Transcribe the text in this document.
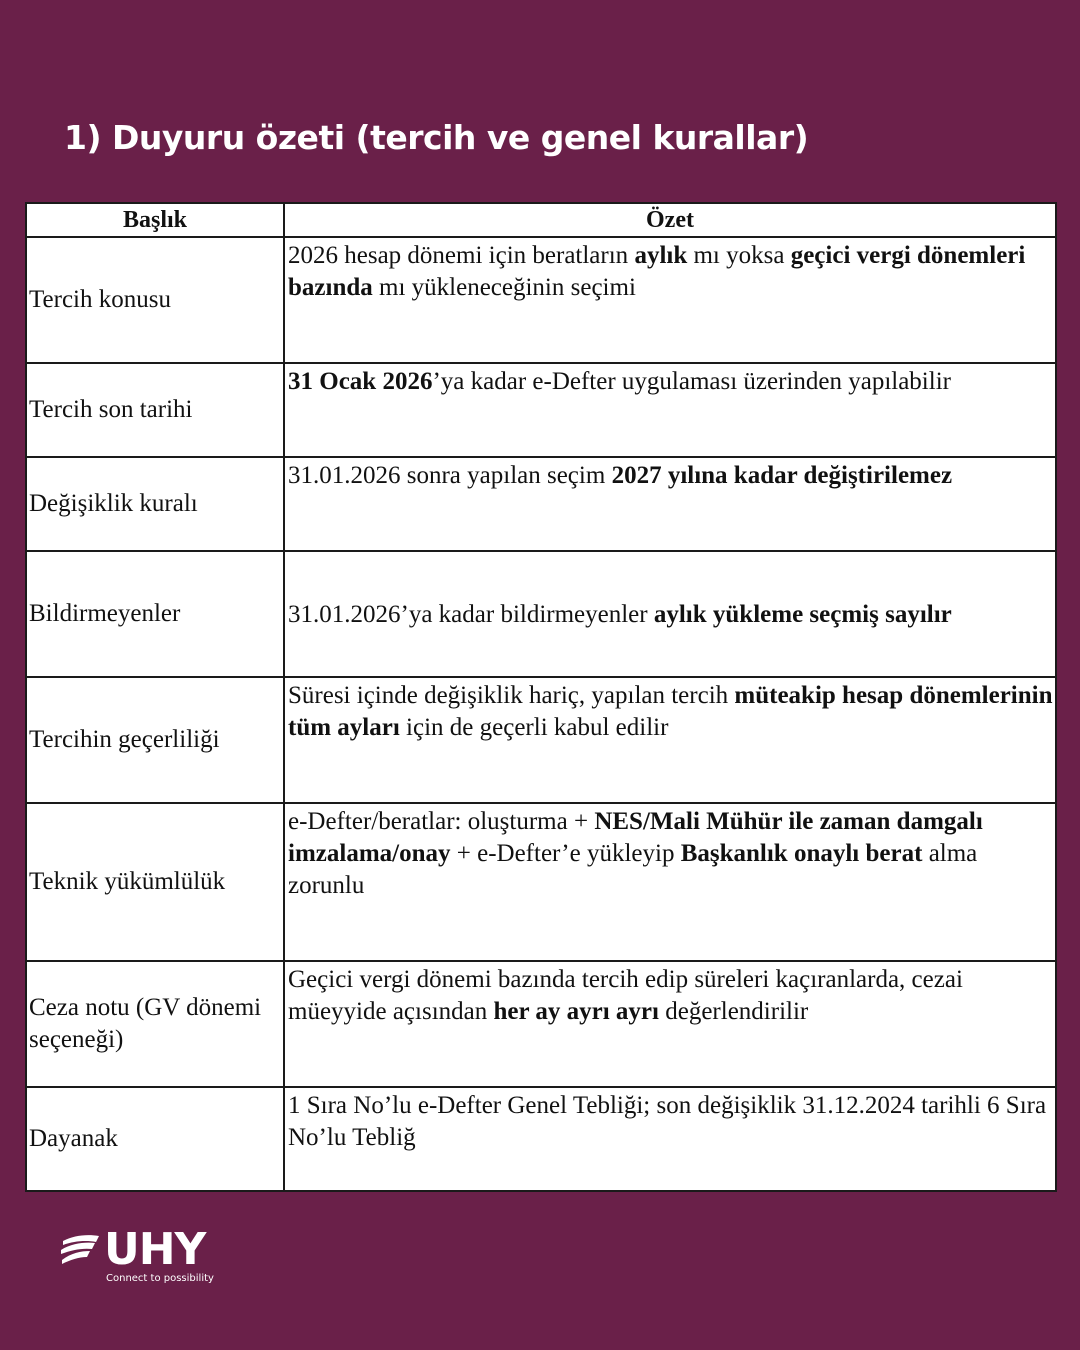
1) Duyuru özeti (tercih ve genel kurallar)
Başlık	Özet
Tercih konusu	2026 hesap dönemi için beratların aylık mı yoksa geçici vergi dönemleri bazında mı yükleneceğinin seçimi
Tercih son tarihi	31 Ocak 2026’ya kadar e-Defter uygulaması üzerinden yapılabilir
Değişiklik kuralı	31.01.2026 sonra yapılan seçim 2027 yılına kadar değiştirilemez
Bildirmeyenler	31.01.2026’ya kadar bildirmeyenler aylık yükleme seçmiş sayılır
Tercihin geçerliliği	Süresi içinde değişiklik hariç, yapılan tercih müteakip hesap dönemlerinin tüm ayları için de geçerli kabul edilir
Teknik yükümlülük	e-Defter/beratlar: oluşturma + NES/Mali Mühür ile zaman damgalı imzalama/onay + e-Defter’e yükleyip Başkanlık onaylı berat alma zorunlu
Ceza notu (GV dönemi seçeneği)	Geçici vergi dönemi bazında tercih edip süreleri kaçıranlarda, cezai müeyyide açısından her ay ayrı ayrı değerlendirilir
Dayanak	1 Sıra No’lu e-Defter Genel Tebliği; son değişiklik 31.12.2024 tarihli 6 Sıra No’lu Tebliğ
UHY
Connect to possibility
